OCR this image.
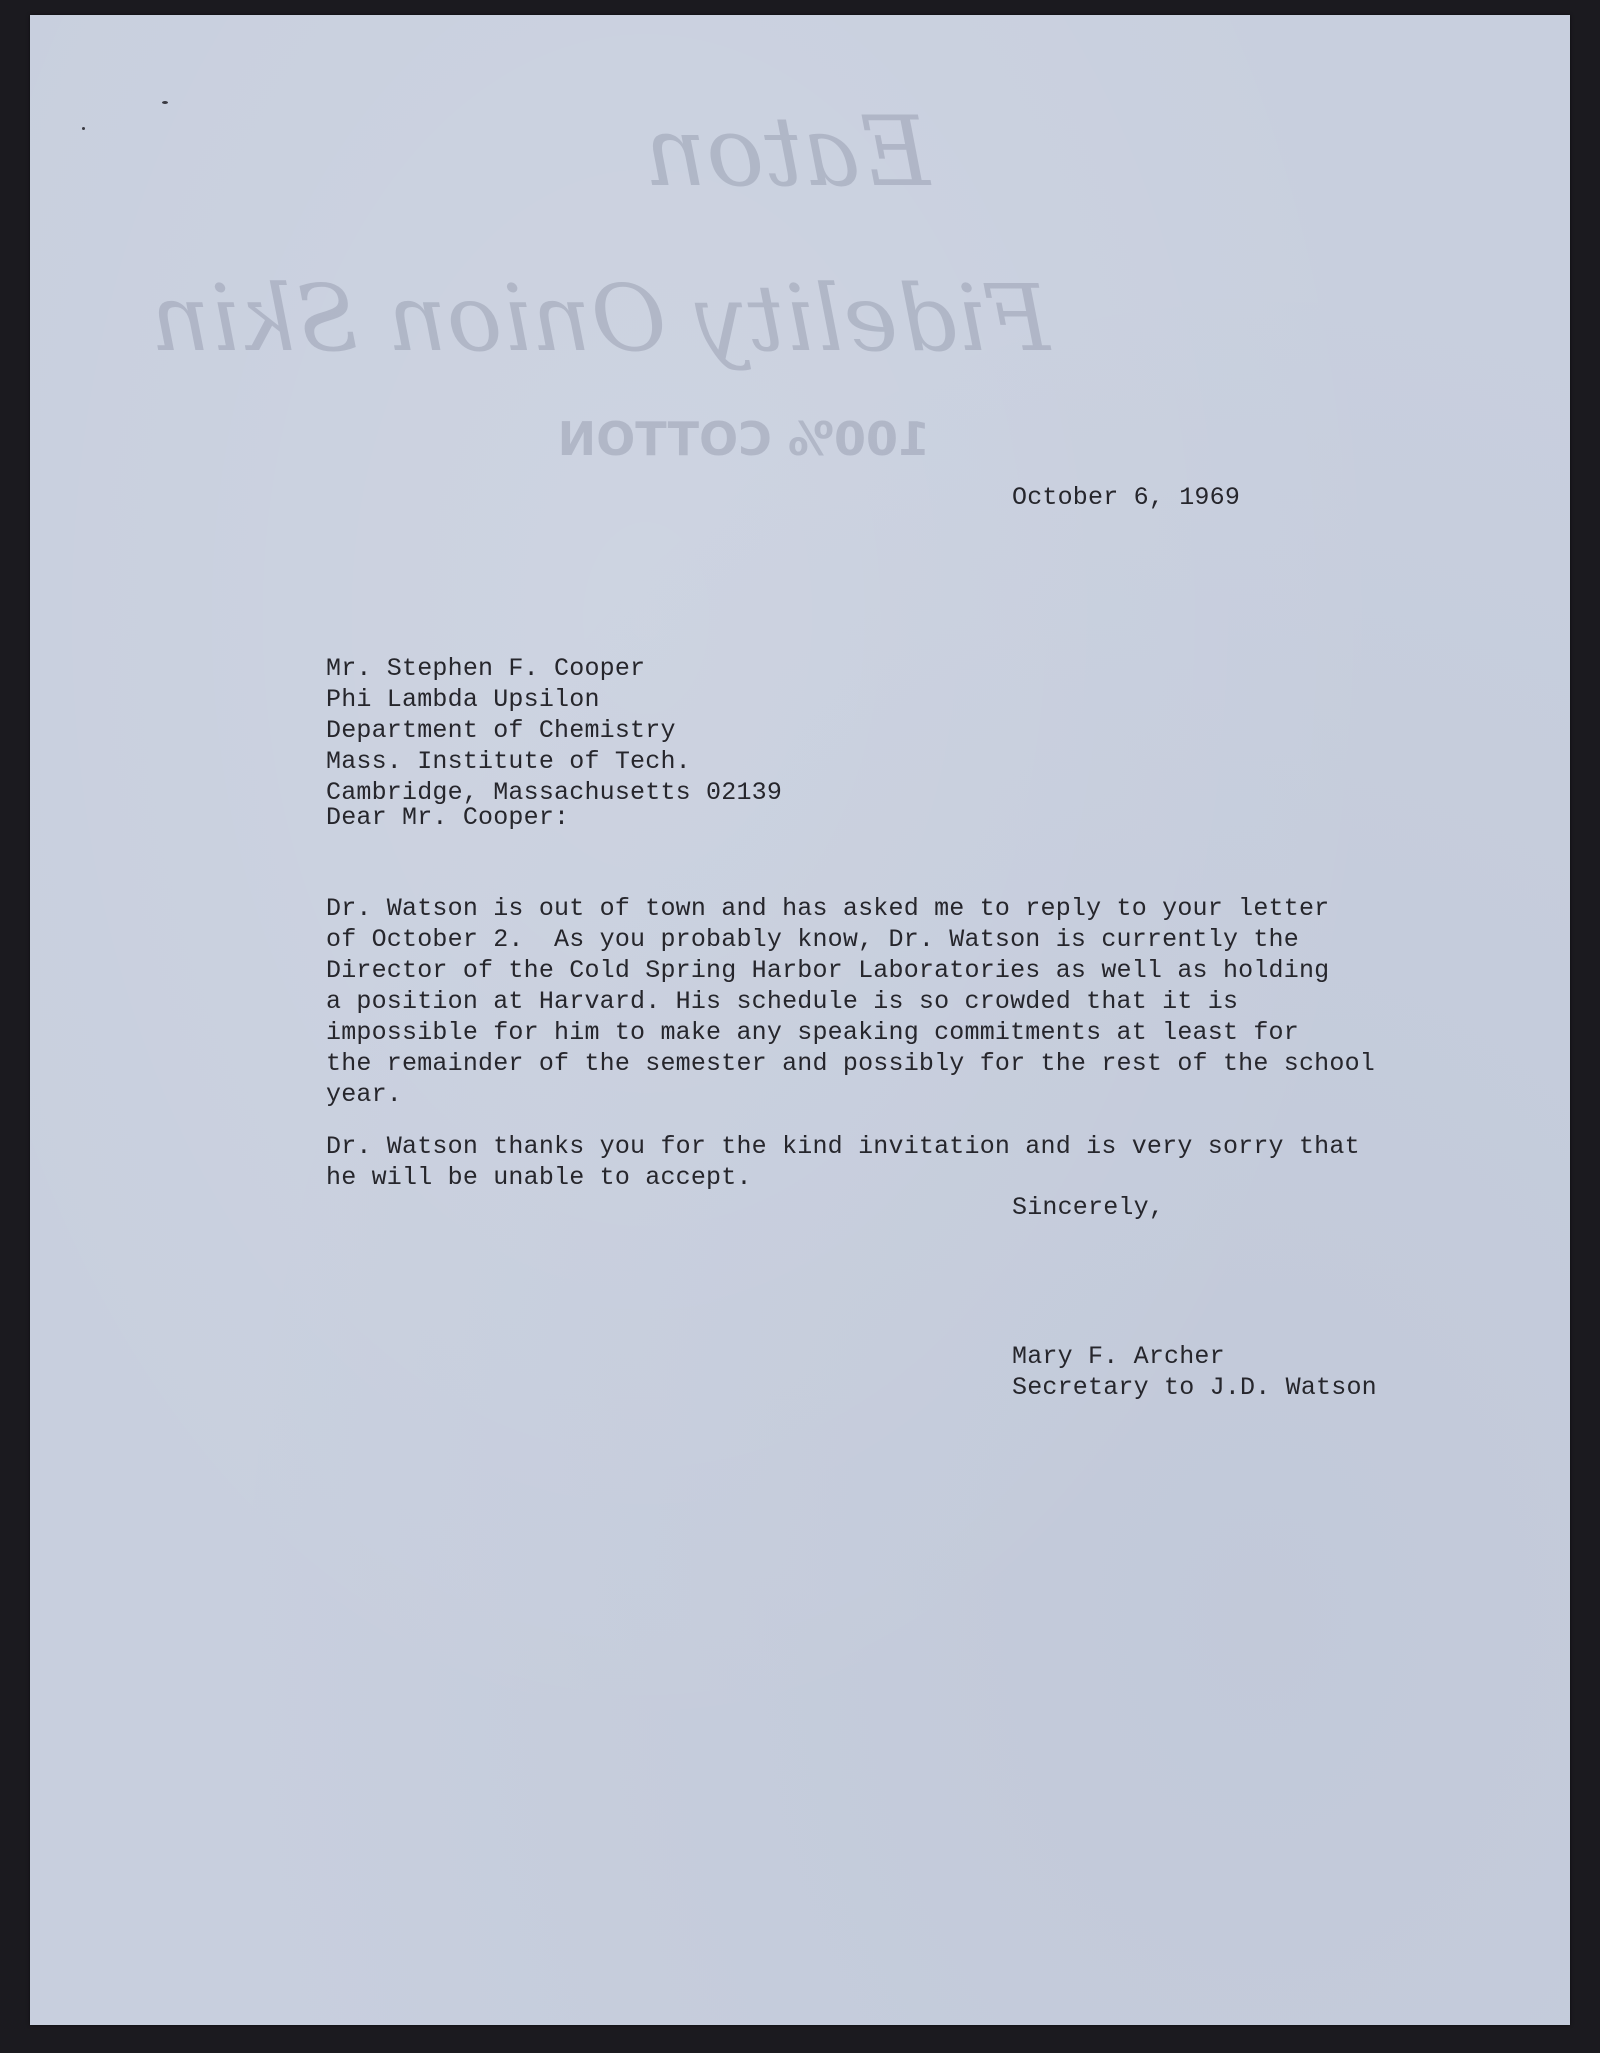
Eaton
Fidelity Onion Skin
100% COTTON

October 6, 1969

Mr. Stephen F. Cooper
Phi Lambda Upsilon
Department of Chemistry
Mass. Institute of Tech.
Cambridge, Massachusetts 02139

Dear Mr. Cooper:

Dr. Watson is out of town and has asked me to reply to your letter
of October 2.  As you probably know, Dr. Watson is currently the
Director of the Cold Spring Harbor Laboratories as well as holding
a position at Harvard. His schedule is so crowded that it is
impossible for him to make any speaking commitments at least for
the remainder of the semester and possibly for the rest of the school
year.

Dr. Watson thanks you for the kind invitation and is very sorry that
he will be unable to accept.

Sincerely,

Mary F. Archer
Secretary to J.D. Watson
